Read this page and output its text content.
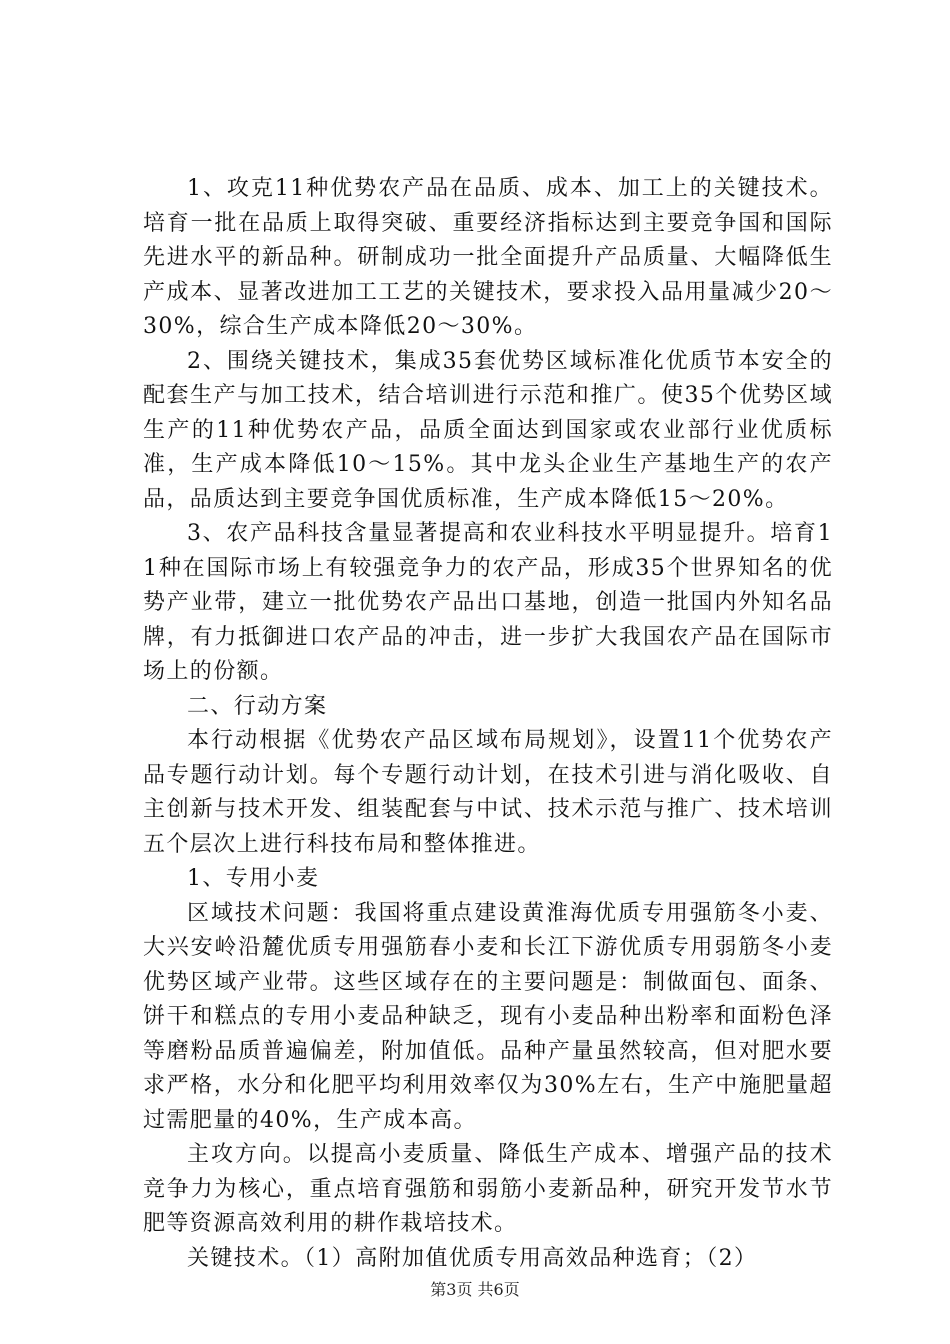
1、攻克11种优势农产品在品质、成本、加工上的关键技术。培育一批在品质上取得突破、重要经济指标达到主要竞争国和国际先进水平的新品种。研制成功一批全面提升产品质量、大幅降低生产成本、显著改进加工工艺的关键技术，要求投入品用量减少20～30%，综合生产成本降低20～30%。

2、围绕关键技术，集成35套优势区域标准化优质节本安全的配套生产与加工技术，结合培训进行示范和推广。使35个优势区域生产的11种优势农产品，品质全面达到国家或农业部行业优质标准，生产成本降低10～15%。其中龙头企业生产基地生产的农产品，品质达到主要竞争国优质标准，生产成本降低15～20%。

3、农产品科技含量显著提高和农业科技水平明显提升。培育11种在国际市场上有较强竞争力的农产品，形成35个世界知名的优势产业带，建立一批优势农产品出口基地，创造一批国内外知名品牌，有力抵御进口农产品的冲击，进一步扩大我国农产品在国际市场上的份额。

二、行动方案

本行动根据《优势农产品区域布局规划》，设置11个优势农产品专题行动计划。每个专题行动计划，在技术引进与消化吸收、自主创新与技术开发、组装配套与中试、技术示范与推广、技术培训五个层次上进行科技布局和整体推进。

1、专用小麦

区域技术问题：我国将重点建设黄淮海优质专用强筋冬小麦、大兴安岭沿麓优质专用强筋春小麦和长江下游优质专用弱筋冬小麦优势区域产业带。这些区域存在的主要问题是：制做面包、面条、饼干和糕点的专用小麦品种缺乏，现有小麦品种出粉率和面粉色泽等磨粉品质普遍偏差，附加值低。品种产量虽然较高，但对肥水要求严格，水分和化肥平均利用效率仅为30%左右，生产中施肥量超过需肥量的40%，生产成本高。

主攻方向。以提高小麦质量、降低生产成本、增强产品的技术竞争力为核心，重点培育强筋和弱筋小麦新品种，研究开发节水节肥等资源高效利用的耕作栽培技术。

关键技术。（1）高附加值优质专用高效品种选育；（2）

第3页 共6页
